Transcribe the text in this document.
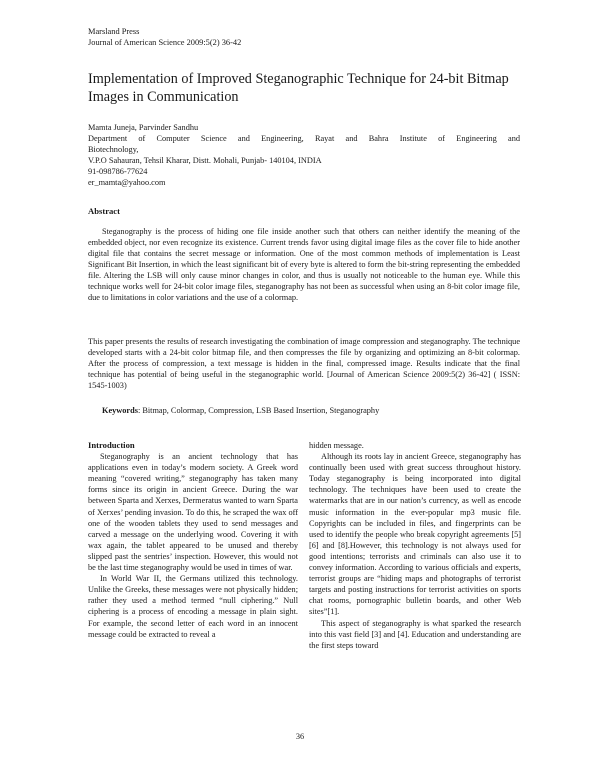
Marsland Press
Journal of American Science 2009:5(2) 36-42
Implementation of Improved Steganographic Technique for 24-bit Bitmap Images in Communication
Mamta Juneja, Parvinder Sandhu
Department of Computer Science and Engineering, Rayat and Bahra Institute of Engineering and
Biotechnology,
V.P.O Sahauran, Tehsil Kharar, Distt. Mohali, Punjab- 140104, INDIA
91-098786-77624
er_mamta@yahoo.com
Abstract

Steganography is the process of hiding one file inside another such that others can neither identify the meaning of the embedded object, nor even recognize its existence. Current trends favor using digital image files as the cover file to hide another digital file that contains the secret message or information. One of the most common methods of implementation is Least Significant Bit Insertion, in which the least significant bit of every byte is altered to form the bit-string representing the embedded file. Altering the LSB will only cause minor changes in color, and thus is usually not noticeable to the human eye. While this technique works well for 24-bit color image files, steganography has not been as successful when using an 8-bit color image file, due to limitations in color variations and the use of a colormap.

This paper presents the results of research investigating the combination of image compression and steganography. The technique developed starts with a 24-bit color bitmap file, and then compresses the file by organizing and optimizing an 8-bit colormap. After the process of compression, a text message is hidden in the final, compressed image. Results indicate that the final technique has potential of being useful in the steganographic world. [Journal of American Science 2009:5(2) 36-42] ( ISSN: 1545-1003)

Keywords: Bitmap, Colormap, Compression, LSB Based Insertion, Steganography

Introduction

Steganography is an ancient technology that has applications even in today’s modern society. A Greek word meaning “covered writing,” steganography has taken many forms since its origin in ancient Greece. During the war between Sparta and Xerxes, Dermeratus wanted to warn Sparta of Xerxes’ pending invasion. To do this, he scraped the wax off one of the wooden tablets they used to send messages and carved a message on the underlying wood. Covering it with wax again, the tablet appeared to be unused and thereby slipped past the sentries’ inspection. However, this would not be the last time steganography would be used in times of war.

In World War II, the Germans utilized this technology. Unlike the Greeks, these messages were not physically hidden; rather they used a method termed “null ciphering.” Null ciphering is a process of encoding a message in plain sight. For example, the second letter of each word in an innocent message could be extracted to reveal a

hidden message.

Although its roots lay in ancient Greece, steganography has continually been used with great success throughout history. Today steganography is being incorporated into digital technology. The techniques have been used to create the watermarks that are in our nation’s currency, as well as encode music information in the ever-popular mp3 music file. Copyrights can be included in files, and fingerprints can be used to identify the people who break copyright agreements [5] [6] and [8].However, this technology is not always used for good intentions; terrorists and criminals can also use it to convey information. According to various officials and experts, terrorist groups are “hiding maps and photographs of terrorist targets and posting instructions for terrorist activities on sports chat rooms, pornographic bulletin boards, and other Web sites”[1].

This aspect of steganography is what sparked the research into this vast field [3] and [4]. Education and understanding are the first steps toward

36
